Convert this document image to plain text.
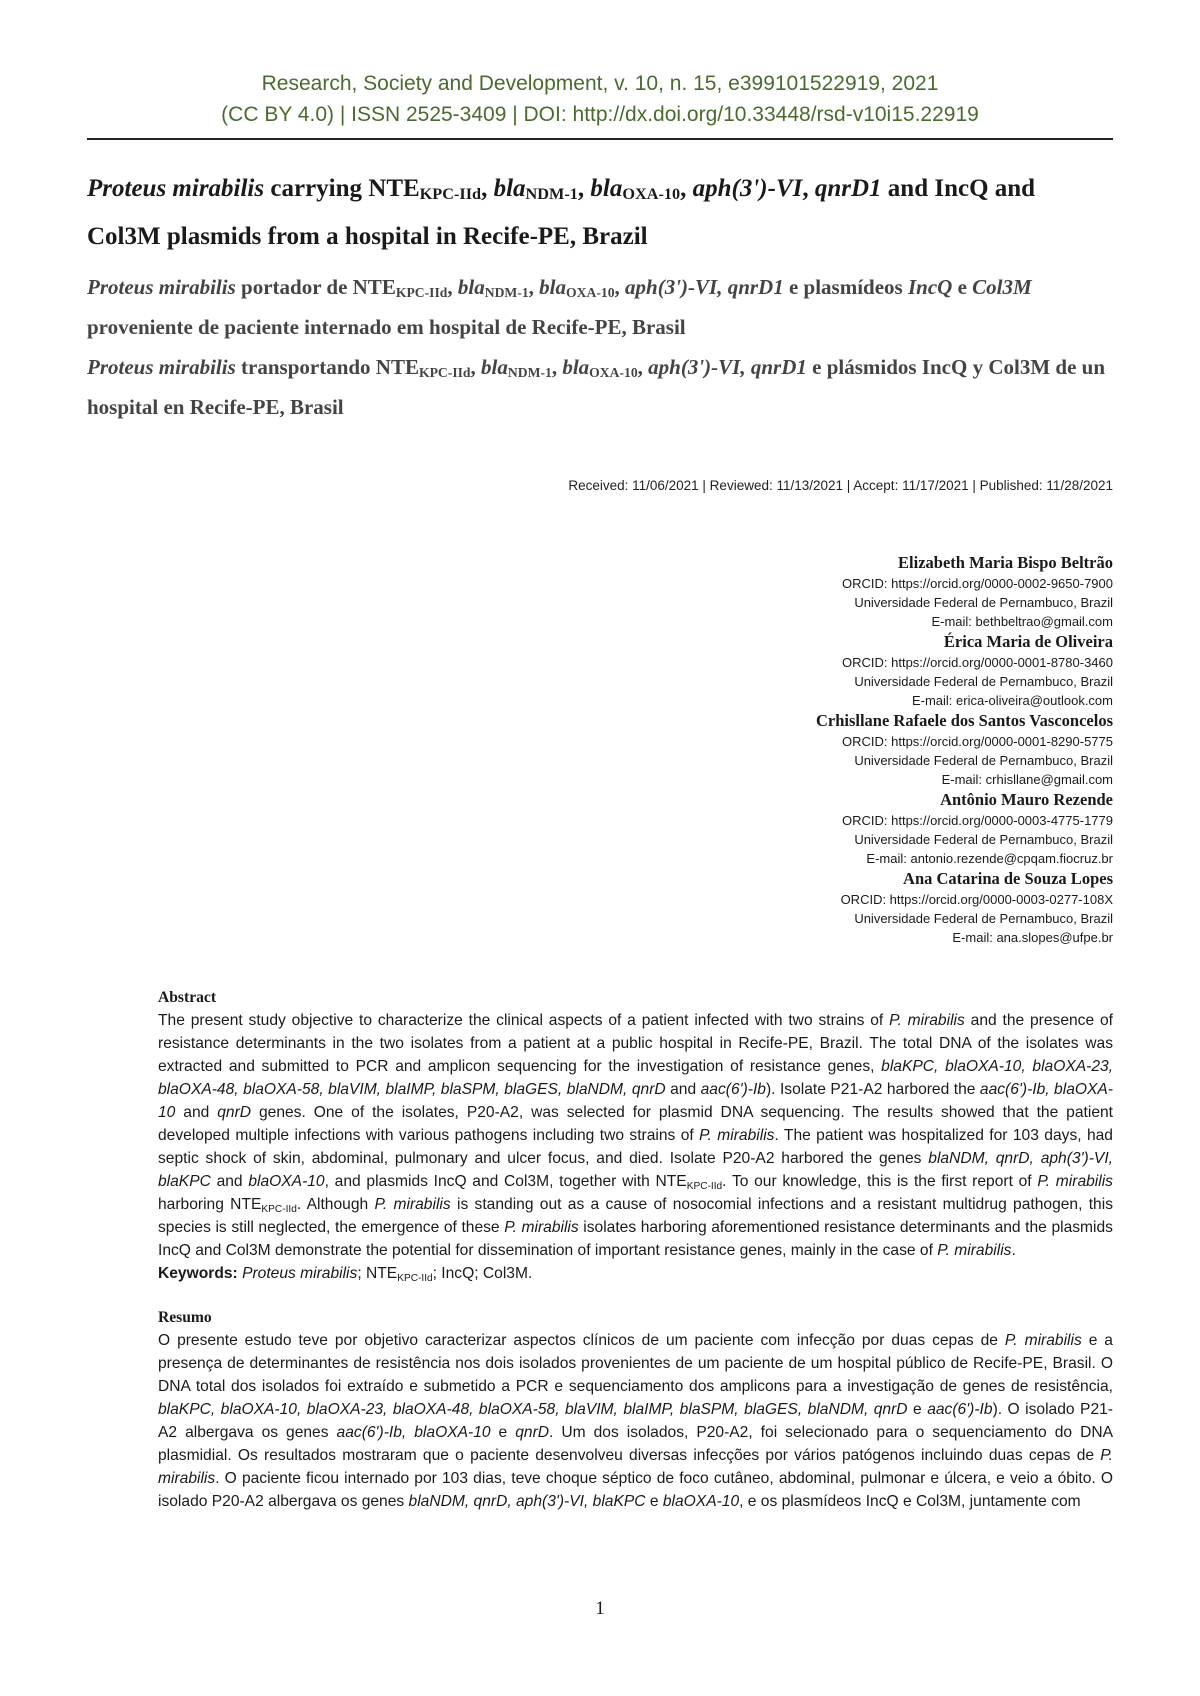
Research, Society and Development, v. 10, n. 15, e399101522919, 2021
(CC BY 4.0) | ISSN 2525-3409 | DOI: http://dx.doi.org/10.33448/rsd-v10i15.22919

Proteus mirabilis carrying $NTE_{KPC-IId}$, bla$_{NDM-1}$, bla$_{OXA-10}$, aph(3')-VI, qnrD1 and IncQ and Col3M plasmids from a hospital in Recife-PE, Brazil

Proteus mirabilis portador de $NTE_{KPC-IId}$, bla$_{NDM-1}$, bla$_{OXA-10}$, aph(3')-VI, qnrD1 e plasmídeos IncQ e Col3M proveniente de paciente internado em hospital de Recife-PE, Brasil

Proteus mirabilis transportando $NTE_{KPC-IId}$, bla$_{NDM-1}$, bla$_{OXA-10}$, aph(3')-VI, qnrD1 e plásmidos IncQ y Col3M de un hospital en Recife-PE, Brasil

Received: 11/06/2021 | Reviewed: 11/13/2021 | Accept: 11/17/2021 | Published: 11/28/2021

Elizabeth Maria Bispo Beltrão

ORCID: https://orcid.org/0000-0002-9650-7900

Universidade Federal de Pernambuco, Brazil

E-mail: bethbeltrao@gmail.com

Érica Maria de Oliveira

ORCID: https://orcid.org/0000-0001-8780-3460

Universidade Federal de Pernambuco, Brazil

E-mail: erica-oliveira@outlook.com

Crhisllane Rafaele dos Santos Vasconcelos

ORCID: https://orcid.org/0000-0001-8290-5775

Universidade Federal de Pernambuco, Brazil

E-mail: crhisllane@gmail.com

Antônio Mauro Rezende

ORCID: https://orcid.org/0000-0003-4775-1779

Universidade Federal de Pernambuco, Brazil

E-mail: antonio.rezende@cpqam.fiocruz.br

Ana Catarina de Souza Lopes

ORCID: https://orcid.org/0000-0003-0277-108X

Universidade Federal de Pernambuco, Brazil

E-mail: ana.slopes@ufpe.br

Abstract

The present study objective to characterize the clinical aspects of a patient infected with two strains of P. mirabilis and the presence of resistance determinants in the two isolates from a patient at a public hospital in Recife-PE, Brazil. The total DNA of the isolates was extracted and submitted to PCR and amplicon sequencing for the investigation of resistance genes, blaKPC, blaOXA-10, blaOXA-23, blaOXA-48, blaOXA-58, blaVIM, blaIMP, blaSPM, blaGES, blaNDM, qnrD and aac(6')-Ib). Isolate P21-A2 harbored the aac(6')-Ib, blaOXA-10 and qnrD genes. One of the isolates, P20-A2, was selected for plasmid DNA sequencing. The results showed that the patient developed multiple infections with various pathogens including two strains of P. mirabilis. The patient was hospitalized for 103 days, had septic shock of skin, abdominal, pulmonary and ulcer focus, and died. Isolate P20-A2 harbored the genes blaNDM, qnrD, aph(3')-VI, blaKPC and blaOXA-10, and plasmids IncQ and Col3M, together with $NTE_{KPC-IId}$. To our knowledge, this is the first report of P. mirabilis harboring $NTE_{KPC-IId}$. Although P. mirabilis is standing out as a cause of nosocomial infections and a resistant multidrug pathogen, this species is still neglected, the emergence of these P. mirabilis isolates harboring aforementioned resistance determinants and the plasmids IncQ and Col3M demonstrate the potential for dissemination of important resistance genes, mainly in the case of P. mirabilis.

Keywords: Proteus mirabilis; $NTE_{KPC-IId}$; IncQ; Col3M.

Resumo

O presente estudo teve por objetivo caracterizar aspectos clínicos de um paciente com infecção por duas cepas de P. mirabilis e a presença de determinantes de resistência nos dois isolados provenientes de um paciente de um hospital público de Recife-PE, Brasil. O DNA total dos isolados foi extraído e submetido a PCR e sequenciamento dos amplicons para a investigação de genes de resistência, blaKPC, blaOXA-10, blaOXA-23, blaOXA-48, blaOXA-58, blaVIM, blaIMP, blaSPM, blaGES, blaNDM, qnrD e aac(6')-Ib). O isolado P21-A2 albergava os genes aac(6')-Ib, blaOXA-10 e qnrD. Um dos isolados, P20-A2, foi selecionado para o sequenciamento do DNA plasmidial. Os resultados mostraram que o paciente desenvolveu diversas infecções por vários patógenos incluindo duas cepas de P. mirabilis. O paciente ficou internado por 103 dias, teve choque séptico de foco cutâneo, abdominal, pulmonar e úlcera, e veio a óbito. O isolado P20-A2 albergava os genes blaNDM, qnrD, aph(3')-VI, blaKPC e blaOXA-10, e os plasmídeos IncQ e Col3M, juntamente com

1
